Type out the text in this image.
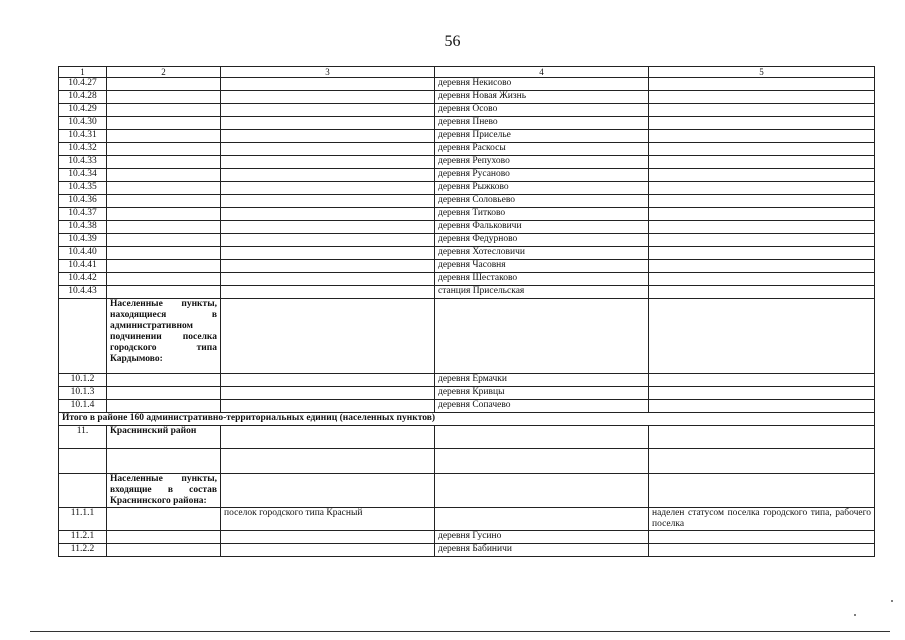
56
1	2	3	4	5
10.4.27			деревня Некисово	
10.4.28			деревня Новая Жизнь	
10.4.29			деревня Осово	
10.4.30			деревня Пнево	
10.4.31			деревня Приселье	
10.4.32			деревня Раскосы	
10.4.33			деревня Репухово	
10.4.34			деревня Русаново	
10.4.35			деревня Рыжково	
10.4.36			деревня Соловьево	
10.4.37			деревня Титково	
10.4.38			деревня Фальковичи	
10.4.39			деревня Федурново	
10.4.40			деревня Хотесловичи	
10.4.41			деревня Часовня	
10.4.42			деревня Шестаково	
10.4.43			станция Присельская	
	Населенные пункты, находящиеся в административном подчинении поселка городского типа Кардымово:			
10.1.2			деревня Ермачки	
10.1.3			деревня Кривцы	
10.1.4			деревня Сопачево	
Итого в районе 160 административно-территориальных единиц (населенных пунктов)				
11.	Краснинский район			

	Населенные пункты, входящие в состав Краснинского района:			
11.1.1		поселок городского типа Красный		наделен статусом поселка городского типа, рабочего поселка
11.2.1			деревня Гусино	
11.2.2			деревня Бабиничи	
